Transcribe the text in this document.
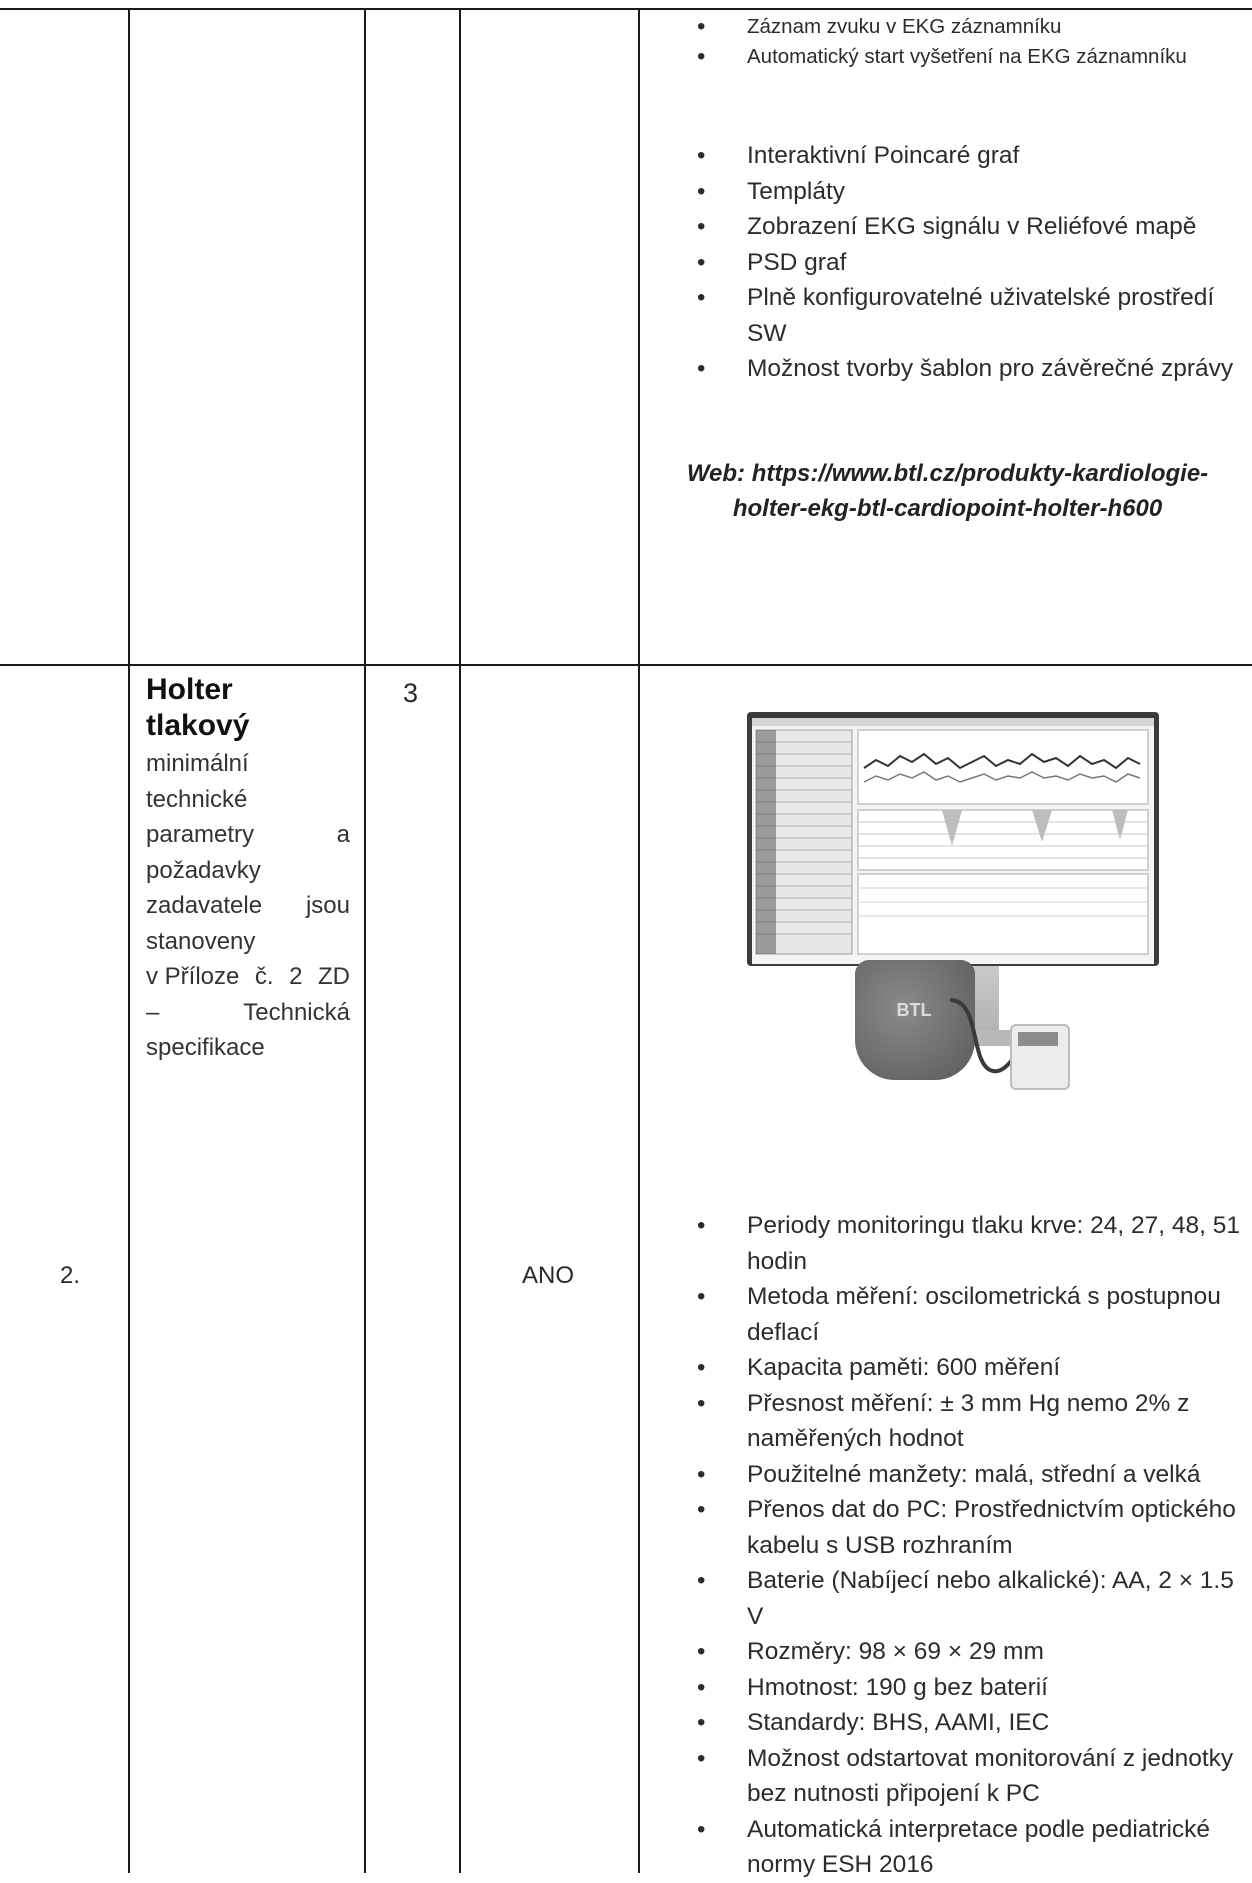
• Záznam zvuku v EKG záznamníku
• Automatický start vyšetření na EKG záznamníku
• Interaktivní Poincaré graf
• Templáty
• Zobrazení EKG signálu v Reliéfové mapě
• PSD graf
• Plně konfigurovatelné uživatelské prostředí SW
• Možnost tvorby šablon pro závěrečné zprávy
Web: https://www.btl.cz/produkty-kardiologie-
holter-ekg-btl-cardiopoint-holter-h600
2.
Holter
tlakový
minimální
technické
parametry	a
požadavky
zadavatele jsou
stanoveny
v Příloze č. 2 ZD
–	Technická
specifikace
3
ANO
BTL
• Periody monitoringu tlaku krve: 24, 27, 48, 51 hodin
• Metoda měření: oscilometrická s postupnou deflací
• Kapacita paměti: 600 měření
• Přesnost měření: ± 3 mm Hg nemo 2% z naměřených hodnot
• Použitelné manžety: malá, střední a velká
• Přenos dat do PC: Prostřednictvím optického kabelu s USB rozhraním
• Baterie (Nabíjecí nebo alkalické): AA, 2 × 1.5 V
• Rozměry: 98 × 69 × 29 mm
• Hmotnost: 190 g bez baterií
• Standardy: BHS, AAMI, IEC
• Možnost odstartovat monitorování z jednotky bez nutnosti připojení k PC
• Automatická interpretace podle pediatrické normy ESH 2016
